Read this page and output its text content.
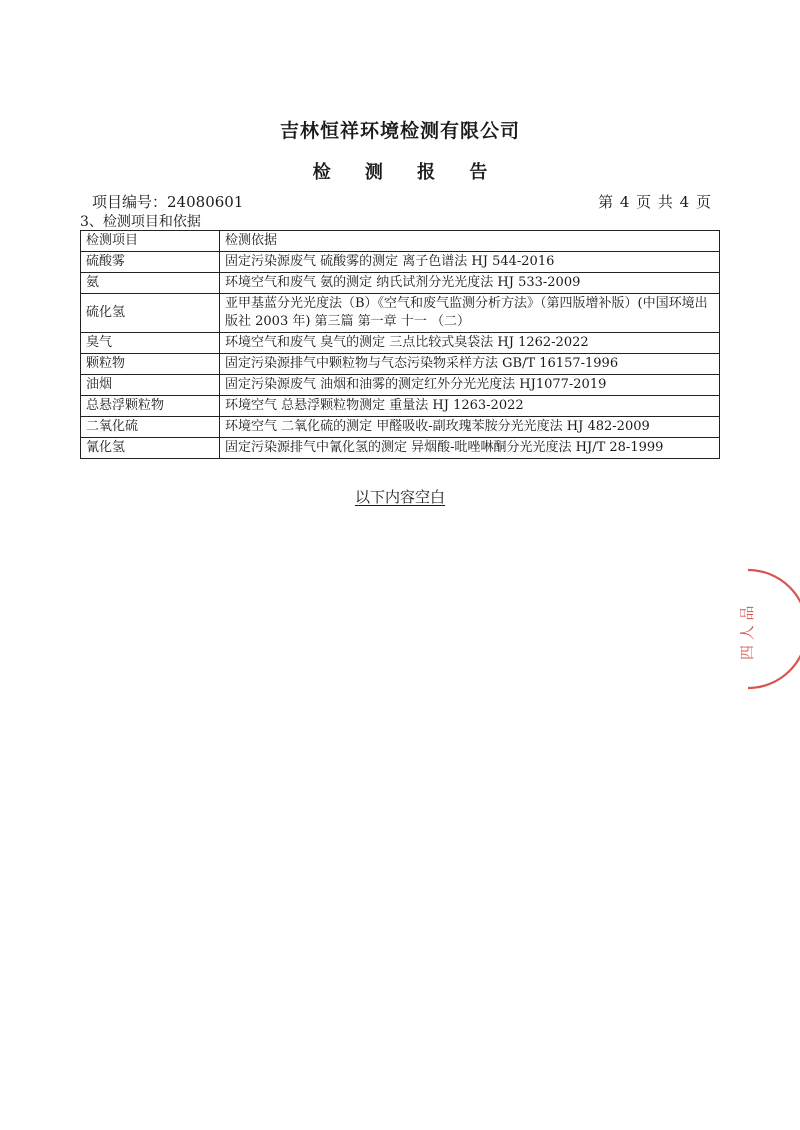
吉林恒祥环境检测有限公司
检 测 报 告
项目编号：24080601	第 4 页 共 4 页
3、检测项目和依据
检测项目	检测依据
硫酸雾	固定污染源废气 硫酸雾的测定 离子色谱法 HJ 544-2016
氨	环境空气和废气 氨的测定 纳氏试剂分光光度法 HJ 533-2009
硫化氢	亚甲基蓝分光光度法（B）《空气和废气监测分析方法》（第四版增补版）(中国环境出版社 2003 年) 第三篇 第一章 十一 （二）
臭气	环境空气和废气 臭气的测定 三点比较式臭袋法 HJ 1262-2022
颗粒物	固定污染源排气中颗粒物与气态污染物采样方法 GB/T 16157-1996
油烟	固定污染源废气 油烟和油雾的测定红外分光光度法 HJ1077-2019
总悬浮颗粒物	环境空气 总悬浮颗粒物测定 重量法 HJ 1263-2022
二氧化硫	环境空气 二氧化硫的测定 甲醛吸收-副玫瑰苯胺分光光度法 HJ 482-2009
氰化氢	固定污染源排气中氰化氢的测定 异烟酸-吡唑啉酮分光光度法 HJ/T 28-1999
以下内容空白
四 人 品
